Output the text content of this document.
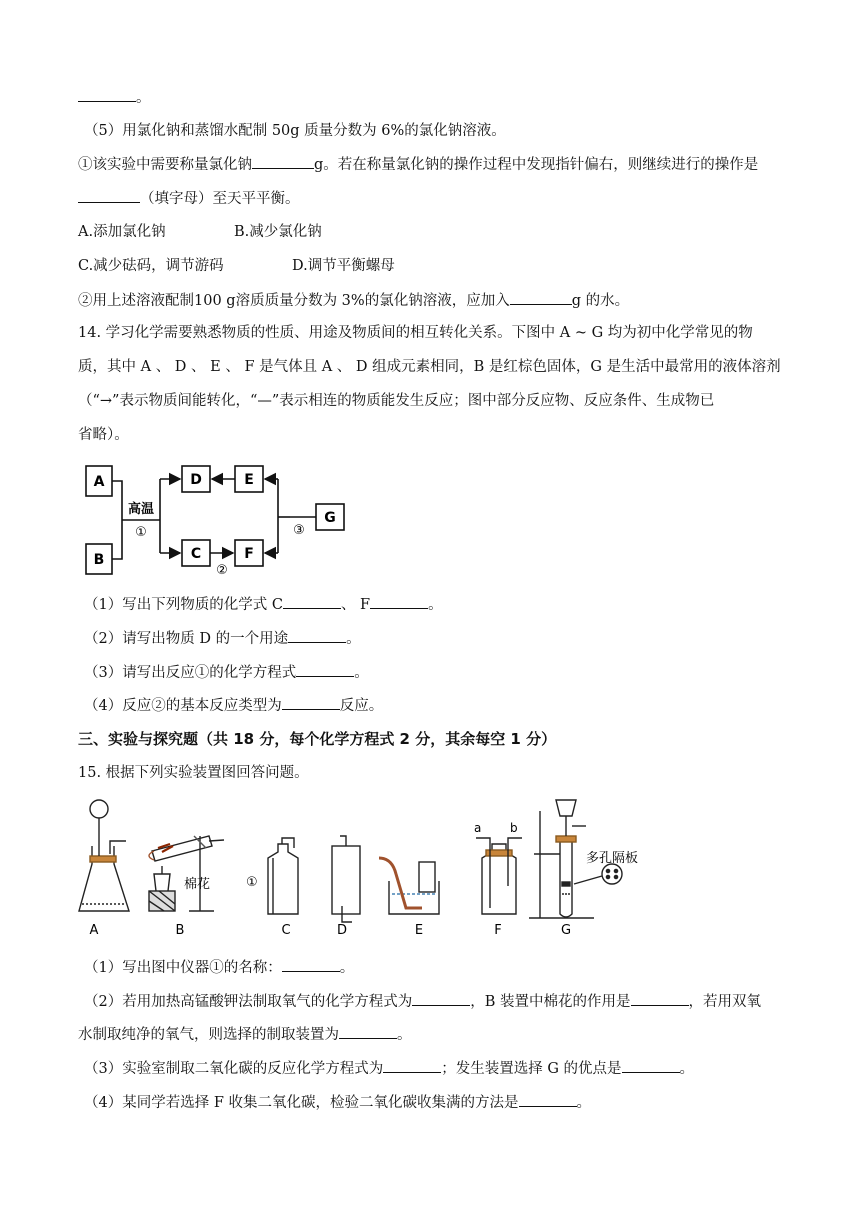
。
（5）用氯化钠和蒸馏水配制 50g 质量分数为 6%的氯化钠溶液。
①该实验中需要称量氯化钠	g。若在称量氯化钠的操作过程中发现指针偏右，则继续进行的操作是
（填字母）至天平平衡。
A.添加氯化钠	B.减少氯化钠
C.减少砝码，调节游码	D.调节平衡螺母
②用上述溶液配制100 g溶质质量分数为 3%的氯化钠溶液，应加入	g 的水。
14. 学习化学需要熟悉物质的性质、用途及物质间的相互转化关系。下图中 A ~ G 均为初中化学常见的物
质，其中 A 、 D 、 E 、 F 是气体且 A 、 D 组成元素相同，B 是红棕色固体，G 是生活中最常用的液体溶剂
（“→”表示物质间能转化，“—”表示相连的物质能发生反应；图中部分反应物、反应条件、生成物已
省略）。
A
B
D	E
C	F
G
高温
①
②
③
（1）写出下列物质的化学式 C	、 F	。
（2）请写出物质 D 的一个用途	。
（3）请写出反应①的化学方程式	。
（4）反应②的基本反应类型为	反应。
三、实验与探究题（共 18 分，每个化学方程式 2 分，其余每空 1 分）
15. 根据下列实验装置图回答问题。
A	B	C	D	E	F	G
棉花	①
a b
多孔隔板
（1）写出图中仪器①的名称：	。
（2）若用加热高锰酸钾法制取氧气的化学方程式为	，B 装置中棉花的作用是	，若用双氧
水制取纯净的氧气，则选择的制取装置为	。
（3）实验室制取二氧化碳的反应化学方程式为	；发生装置选择 G 的优点是	。
（4）某同学若选择 F 收集二氧化碳，检验二氧化碳收集满的方法是	。
